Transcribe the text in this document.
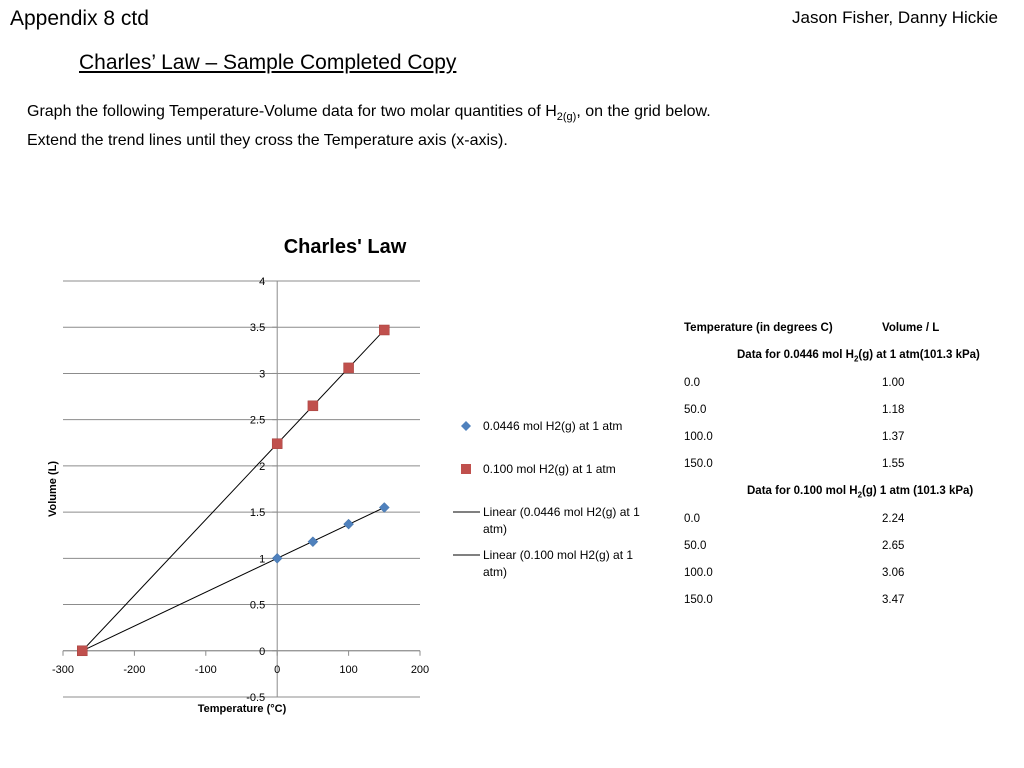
Appendix 8 ctd	Jason Fisher, Danny Hickie
Charles’ Law – Sample Completed Copy
Graph the following Temperature-Volume data for two molar quantities of $H_{2(g)}$, on the grid below. Extend the trend lines until they cross the Temperature axis (x-axis).
-0.5
0
0.5
1
1.5
2
2.5
3
3.5
4
-300	-200	-100	0	100	200
0.0446 mol H2(g) at 1 atm
0.100 mol H2(g) at 1 atm
Linear (0.0446 mol H2(g) at 1
atm)
Linear (0.100 mol H2(g) at 1
atm)
Temperature (°C)
Volume (L)
Charles' Law
Temperature (in degrees C)	Volume / L
Data for 0.0446 mol $H_2(g)$ at 1 atm(101.3 kPa)
0.0	1.00
50.0	1.18
100.0	1.37
150.0	1.55
Data for 0.100 mol $H_2(g)$ 1 atm (101.3 kPa)
0.0	2.24
50.0	2.65
100.0	3.06
150.0	3.47
